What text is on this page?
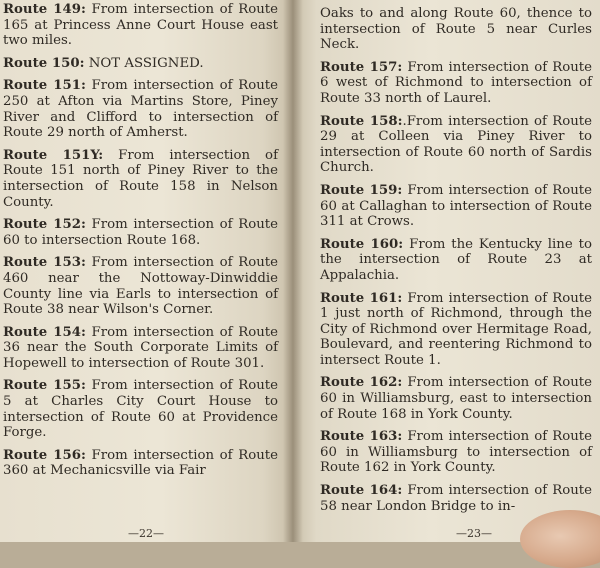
Route 149: From intersection of Route 165 at Princess Anne Court House east two miles.

Route 150: NOT ASSIGNED.

Route 151: From intersection of Route 250 at Afton via Martins Store, Piney River and Clifford to intersection of Route 29 north of Amherst.

Route 151Y: From intersection of Route 151 north of Piney River to the intersection of Route 158 in Nelson County.

Route 152: From intersection of Route 60 to intersection Route 168.

Route 153: From intersection of Route 460 near the Nottoway-Dinwiddie County line via Earls to intersection of Route 38 near Wilson's Corner.

Route 154: From intersection of Route 36 near the South Corporate Limits of Hopewell to intersection of Route 301.

Route 155: From intersection of Route 5 at Charles City Court House to intersection of Route 60 at Providence Forge.

Route 156: From intersection of Route 360 at Mechanicsville via Fair

Oaks to and along Route 60, thence to intersection of Route 5 near Curles Neck.

Route 157: From intersection of Route 6 west of Richmond to intersection of Route 33 north of Laurel.

Route 158:.From intersection of Route 29 at Colleen via Piney River to intersection of Route 60 north of Sardis Church.

Route 159: From intersection of Route 60 at Callaghan to intersection of Route 311 at Crows.

Route 160: From the Kentucky line to the intersection of Route 23 at Appalachia.

Route 161: From intersection of Route 1 just north of Richmond, through the City of Richmond over Hermitage Road, Boulevard, and reentering Richmond to intersect Route 1.

Route 162: From intersection of Route 60 in Williamsburg, east to intersection of Route 168 in York County.

Route 163: From intersection of Route 60 in Williamsburg to intersection of Route 162 in York County.

Route 164: From intersection of Route 58 near London Bridge to in-

—22—	—23—
